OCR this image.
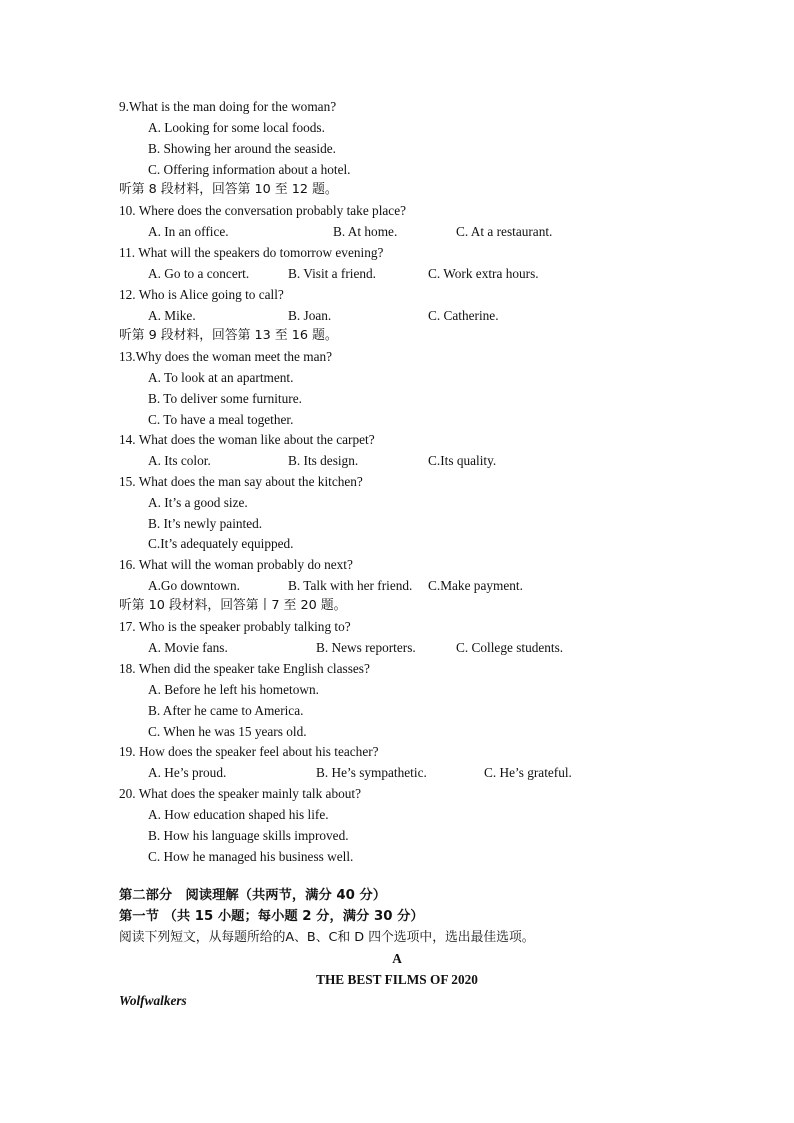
9.What is the man doing for the woman?
A. Looking for some local foods.
B. Showing her around the seaside.
C. Offering information about a hotel.
听第 8 段材料，回答第 10 至 12 题。
10. Where does the conversation probably take place?
A. In an office.	B. At home.	C. At a restaurant.
11. What will the speakers do tomorrow evening?
A. Go to a concert.	B. Visit a friend.	C. Work extra hours.
12. Who is Alice going to call?
A. Mike.	B. Joan.	C. Catherine.
听第 9 段材料，回答第 13 至 16 题。
13.Why does the woman meet the man?
A. To look at an apartment.
B. To deliver some furniture.
C. To have a meal together.
14. What does the woman like about the carpet?
A. Its color.	B. Its design.	C.Its quality.
15. What does the man say about the kitchen?
A. It’s a good size.
B. It’s newly painted.
C.It’s adequately equipped.
16. What will the woman probably do next?
A.Go downtown.	B. Talk with her friend. C.Make payment.
听第 10 段材料，回答第丨7 至 20 题。
17. Who is the speaker probably talking to?
A. Movie fans.	B. News reporters.	C. College students.
18. When did the speaker take English classes?
A. Before he left his hometown.
B. After he came to America.
C. When he was 15 years old.
19. How does the speaker feel about his teacher?
A. He’s proud.	B. He’s sympathetic.	C. He’s grateful.
20. What does the speaker mainly talk about?
A. How education shaped his life.
B. How his language skills improved.
C. How he managed his business well.
第二部分　阅读理解（共两节，满分 40 分）
第一节 （共 15 小题；每小题 2 分，满分 30 分）
阅读下列短文，从每题所给的A、B、C和 D 四个选项中，选出最佳选项。
A
THE BEST FILMS OF 2020
Wolfwalkers
